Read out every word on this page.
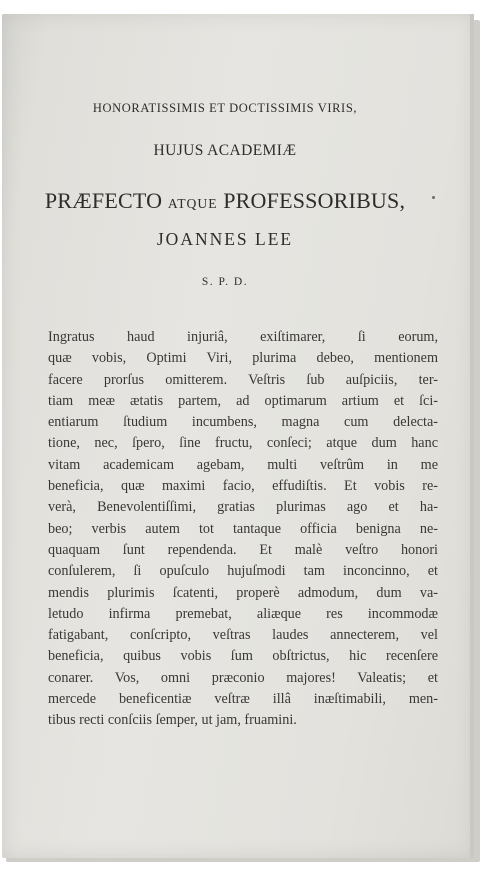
HONORATISSIMIS ET DOCTISSIMIS VIRIS,
HUJUS ACADEMIÆ
PRÆFECTO ATQUE PROFESSORIBUS,
JOANNES LEE
S. P. D.
Ingratus haud injuriâ, exiſtimarer, ſi eorum,
quæ vobis, Optimi Viri, plurima debeo, mentionem
facere prorſus omitterem. Veſtris ſub auſpiciis, ter-
tiam meæ ætatis partem, ad optimarum artium et ſci-
entiarum ſtudium incumbens, magna cum delecta-
tione, nec, ſpero, ſine fructu, conſeci; atque dum hanc
vitam academicam agebam, multi veſtrûm in me
beneficia, quæ maximi facio, effudiſtis. Et vobis re-
verà, Benevolentiſſimi, gratias plurimas ago et ha-
beo; verbis autem tot tantaque officia benigna ne-
quaquam ſunt rependenda. Et malè veſtro honori
conſulerem, ſi opuſculo hujuſmodi tam inconcinno, et
mendis plurimis ſcatenti, properè admodum, dum va-
letudo infirma premebat, aliæque res incommodæ
fatigabant, conſcripto, veſtras laudes annecterem, vel
beneficia, quibus vobis ſum obſtrictus, hic recenſere
conarer. Vos, omni præconio majores! Valeatis; et
mercede beneficentiæ veſtræ illâ inæſtimabili, men-
tibus recti conſciis ſemper, ut jam, fruamini.
